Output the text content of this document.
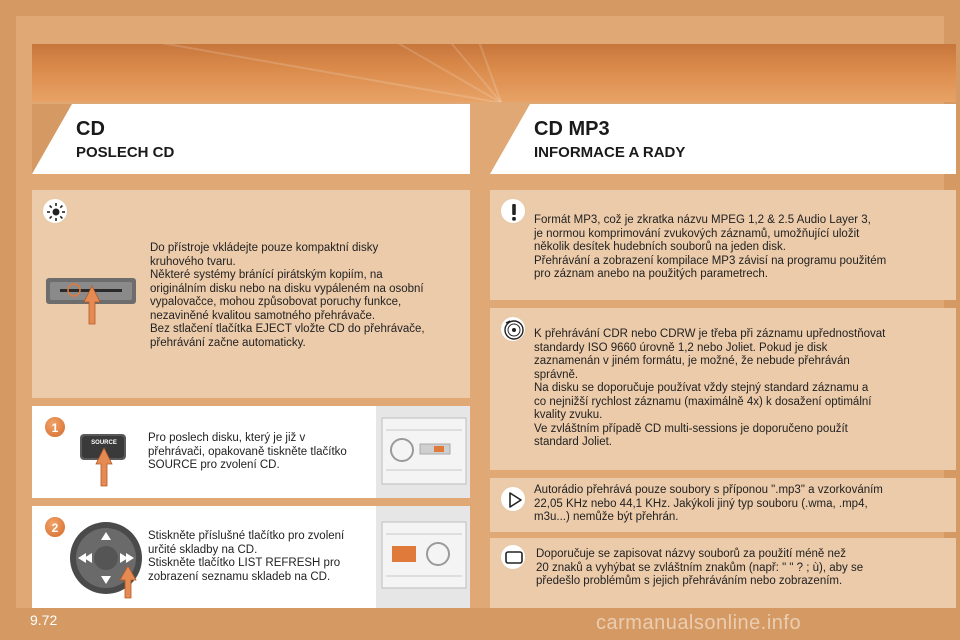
CD
POSLECH CD
CD MP3
INFORMACE A RADY

Do přístroje vkládejte pouze kompaktní disky

kruhového tvaru.

Některé systémy bránící pirátským kopiím, na

originálním disku nebo na disku vypáleném na osobní

vypalovačce, mohou způsobovat poruchy funkce,

nezaviněné kvalitou samotného přehrávače.

Bez stlačení tlačítka EJECT vložte CD do přehrávače,

přehrávání začne automaticky.

1
SOURCE	Pro poslech disku, který je již v

přehrávači, opakovaně tiskněte tlačítko

SOURCE pro zvolení CD.

2

Stiskněte příslušné tlačítko pro zvolení

určité skladby na CD.

Stiskněte tlačítko LIST REFRESH pro

zobrazení seznamu skladeb na CD.

Formát MP3, což je zkratka názvu MPEG 1,2 & 2.5 Audio Layer 3,

je normou komprimování zvukových záznamů, umožňující uložit

několik desítek hudebních souborů na jeden disk.

Přehrávání a zobrazení kompilace MP3 závisí na programu použitém

pro záznam anebo na použitých parametrech.

K přehrávání CDR nebo CDRW je třeba při záznamu upřednostňovat

standardy ISO 9660 úrovně 1,2 nebo Joliet. Pokud je disk

zaznamenán v jiném formátu, je možné, že nebude přehráván

správně.

Na disku se doporučuje používat vždy stejný standard záznamu a

co nejnižší rychlost záznamu (maximálně 4x) k dosažení optimální

kvality zvuku.

Ve zvláštním případě CD multi-sessions je doporučeno použít

standard Joliet.

Autorádio přehrává pouze soubory s příponou ".mp3" a vzorkováním

22,05 KHz nebo 44,1 KHz. Jakýkoli jiný typ souboru (.wma, .mp4,

m3u...) nemůže být přehrán.

Doporučuje se zapisovat názvy souborů za použití méně než

20 znaků a vyhýbat se zvláštním znakům (např: " " ? ; ù), aby se

předešlo problémům s jejich přehráváním nebo zobrazením.

9.72	carmanualsonline.info
